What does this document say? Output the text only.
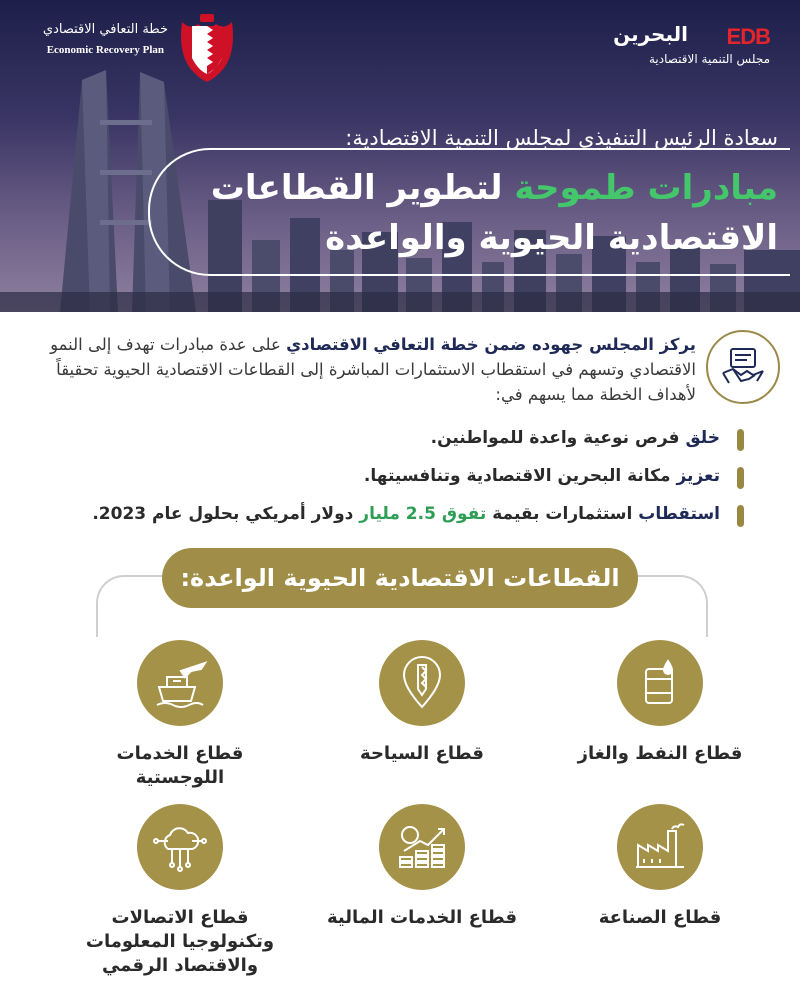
خطة التعافي الاقتصادي
Economic Recovery Plan
البحرين EDB
مجلس التنمية الاقتصادية
سعادة الرئيس التنفيذي لمجلس التنمية الاقتصادية:
مبادرات طموحة لتطوير القطاعات
الاقتصادية الحيوية والواعدة
يركز المجلس جهوده ضمن خطة التعافي الاقتصادي على عدة مبادرات تهدف إلى النمو الاقتصادي وتسهم في استقطاب الاستثمارات المباشرة إلى القطاعات الاقتصادية الحيوية تحقيقاً لأهداف الخطة مما يسهم في:
خلق فرص نوعية واعدة للمواطنين.
تعزيز مكانة البحرين الاقتصادية وتنافسيتها.
استقطاب استثمارات بقيمة تفوق 2.5 مليار دولار أمريكي بحلول عام 2023.
القطاعات الاقتصادية الحيوية الواعدة:
قطاع النفط والغاز
قطاع السياحة
قطاع الخدمات اللوجستية
قطاع الصناعة
قطاع الخدمات المالية
قطاع الاتصالات وتكنولوجيا المعلومات والاقتصاد الرقمي
